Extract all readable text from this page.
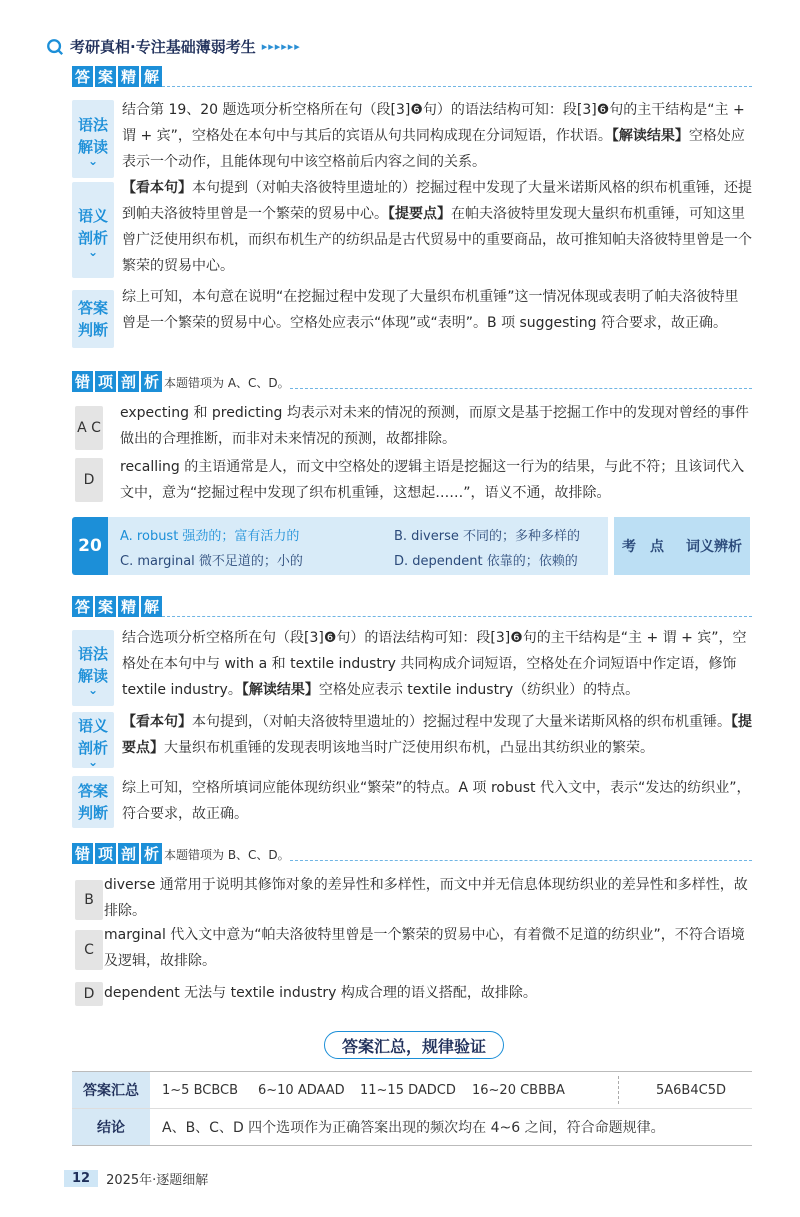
考研真相·专注基础薄弱考生 ▸▸▸▸▸▸
答 案 精 解
语法
解读
⌄
结合第 19、20 题选项分析空格所在句（段[3]❻句）的语法结构可知：段[3]❻句的主干结构是“主 + 谓 + 宾”，空格处在本句中与其后的宾语从句共同构成现在分词短语，作状语。【解读结果】空格处应表示一个动作，且能体现句中该空格前后内容之间的关系。
语义
剖析
⌄
【看本句】本句提到（对帕夫洛彼特里遗址的）挖掘过程中发现了大量米诺斯风格的织布机重锤，还提到帕夫洛彼特里曾是一个繁荣的贸易中心。【提要点】在帕夫洛彼特里发现大量织布机重锤，可知这里曾广泛使用织布机，而织布机生产的纺织品是古代贸易中的重要商品，故可推知帕夫洛彼特里曾是一个繁荣的贸易中心。
答案
判断
综上可知，本句意在说明“在挖掘过程中发现了大量织布机重锤”这一情况体现或表明了帕夫洛彼特里曾是一个繁荣的贸易中心。空格处应表示“体现”或“表明”。B 项 suggesting 符合要求，故正确。
错 项 剖 析 本题错项为 A、C、D。
A C
expecting 和 predicting 均表示对未来的情况的预测，而原文是基于挖掘工作中的发现对曾经的事件做出的合理推断，而非对未来情况的预测，故都排除。
D
recalling 的主语通常是人，而文中空格处的逻辑主语是挖掘这一行为的结果，与此不符；且该词代入文中，意为“挖掘过程中发现了织布机重锤，这想起……”，语义不通，故排除。
20	A. robust 强劲的；富有活力的	B. diverse 不同的；多种多样的
C. marginal 微不足道的；小的	D. dependent 依靠的；依赖的
考　点 词义辨析
答 案 精 解
语法
解读
⌄
结合选项分析空格所在句（段[3]❻句）的语法结构可知：段[3]❻句的主干结构是“主 + 谓 + 宾”，空格处在本句中与 with a 和 textile industry 共同构成介词短语，空格处在介词短语中作定语，修饰 textile industry。【解读结果】空格处应表示 textile industry（纺织业）的特点。
语义
剖析
⌄
【看本句】本句提到，（对帕夫洛彼特里遗址的）挖掘过程中发现了大量米诺斯风格的织布机重锤。【提要点】大量织布机重锤的发现表明该地当时广泛使用织布机，凸显出其纺织业的繁荣。
答案
判断
综上可知，空格所填词应能体现纺织业“繁荣”的特点。A 项 robust 代入文中，表示“发达的纺织业”，符合要求，故正确。
错 项 剖 析 本题错项为 B、C、D。
B
diverse 通常用于说明其修饰对象的差异性和多样性，而文中并无信息体现纺织业的差异性和多样性，故排除。
C
marginal 代入文中意为“帕夫洛彼特里曾是一个繁荣的贸易中心，有着微不足道的纺织业”，不符合语境及逻辑，故排除。
D dependent 无法与 textile industry 构成合理的语义搭配，故排除。
答案汇总，规律验证
答案汇总	1~5 BCBCB	6~10 ADAAD	11~15 DADCD	16~20 CBBBA	5A6B4C5D
结论	A、B、C、D 四个选项作为正确答案出现的频次均在 4~6 之间，符合命题规律。
12	2025年·逐题细解
